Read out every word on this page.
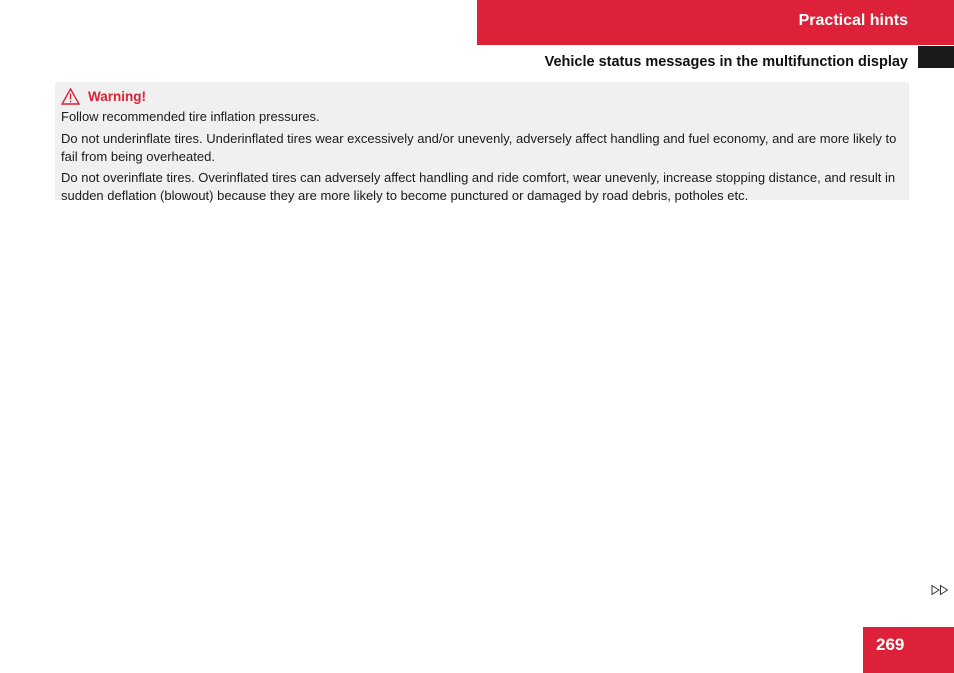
Practical hints
Vehicle status messages in the multifunction display
Warning!

Follow recommended tire inflation pressures.

Do not underinflate tires. Underinflated tires wear excessively and/or unevenly, adversely affect handling and fuel economy, and are more likely to fail from being overheated.

Do not overinflate tires. Overinflated tires can adversely affect handling and ride comfort, wear unevenly, increase stopping distance, and result in sudden deflation (blowout) because they are more likely to become punctured or damaged by road debris, potholes etc.

269
